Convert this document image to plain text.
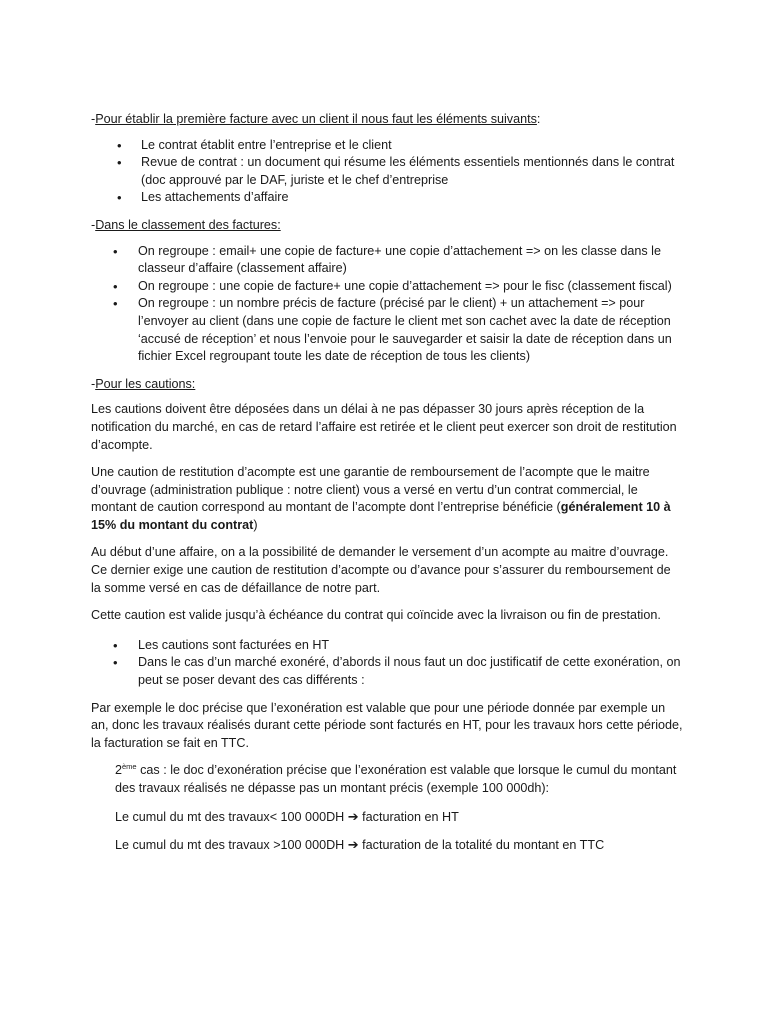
-Pour établir la première facture avec un client il nous faut les éléments suivants:

• Le contrat établit entre l’entreprise et le client
• Revue de contrat : un document qui résume les éléments essentiels mentionnés dans le contrat (doc approuvé par le DAF, juriste et le chef d’entreprise
• Les attachements d’affaire

-Dans le classement des factures:

• On regroupe : email+ une copie de facture+ une copie d’attachement => on les classe dans le classeur d’affaire (classement affaire)
• On regroupe : une copie de facture+ une copie d’attachement => pour le fisc (classement fiscal)
• On regroupe : un nombre précis de facture (précisé par le client) + un attachement => pour l’envoyer au client (dans une copie de facture le client met son cachet avec la date de réception ‘accusé de réception’ et nous l’envoie pour le sauvegarder et saisir la date de réception dans un fichier Excel regroupant toute les date de réception de tous les clients)

-Pour les cautions:

Les cautions doivent être déposées dans un délai à ne pas dépasser 30 jours après réception de la notification du marché, en cas de retard l’affaire est retirée et le client peut exercer son droit de restitution d’acompte.

Une caution de restitution d’acompte est une garantie de remboursement de l’acompte que le maitre d’ouvrage (administration publique : notre client) vous a versé en vertu d’un contrat commercial, le montant de caution correspond au montant de l’acompte dont l’entreprise bénéficie (généralement 10 à 15% du montant du contrat)

Au début d’une affaire, on a la possibilité de demander le versement d’un acompte au maitre d’ouvrage. Ce dernier exige une caution de restitution d’acompte ou d’avance pour s’assurer du remboursement de la somme versé en cas de défaillance de notre part.

Cette caution est valide jusqu’à échéance du contrat qui coïncide avec la livraison ou fin de prestation.

• Les cautions sont facturées en HT
• Dans le cas d’un marché exonéré, d’abords il nous faut un doc justificatif de cette exonération, on peut se poser devant des cas différents :

Par exemple le doc précise que l’exonération est valable que pour une période donnée par exemple un an, donc les travaux réalisés durant cette période sont facturés en HT, pour les travaux hors cette période, la facturation se fait en TTC.

2ème cas : le doc d’exonération précise que l’exonération est valable que lorsque le cumul du montant des travaux réalisés ne dépasse pas un montant précis (exemple 100 000dh):

Le cumul du mt des travaux< 100 000DH ➔ facturation en HT

Le cumul du mt des travaux >100 000DH ➔ facturation de la totalité du montant en TTC
